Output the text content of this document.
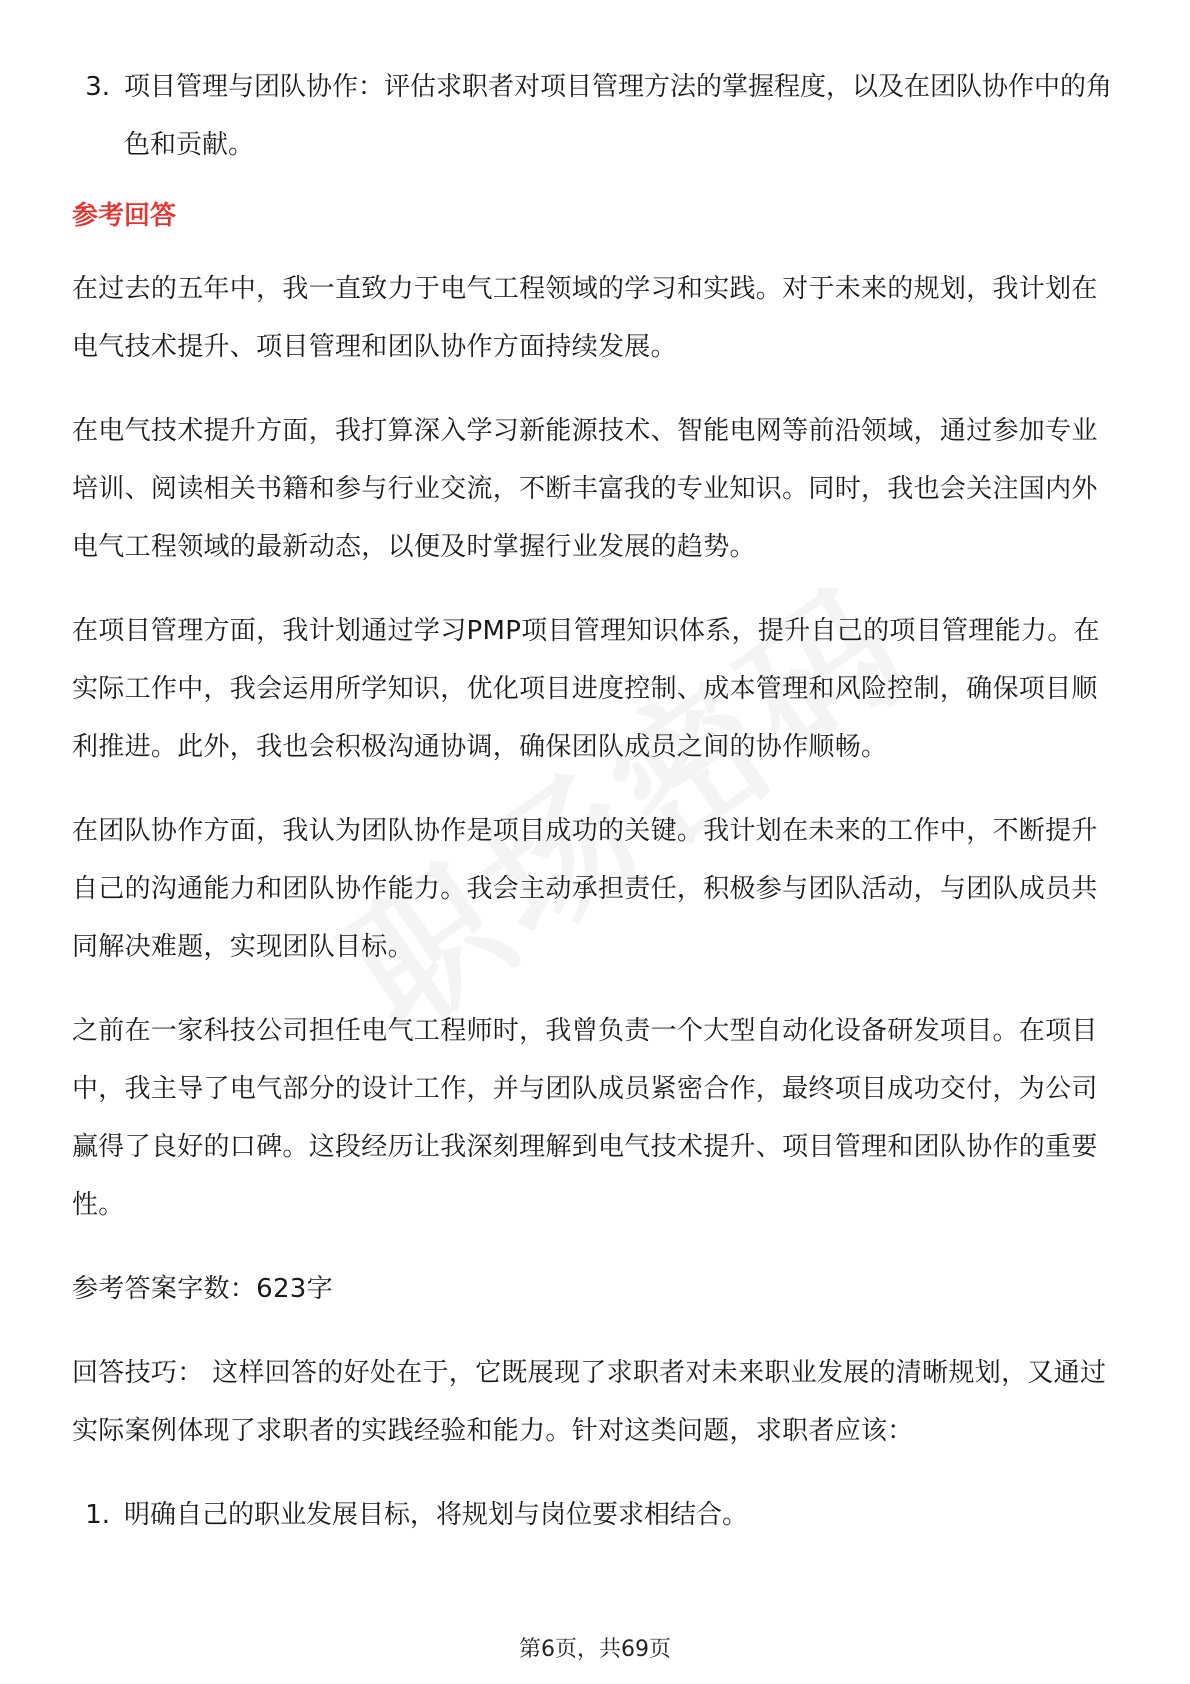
3. 项目管理与团队协作：评估求职者对项目管理方法的掌握程度，以及在团队协作中的角色和贡献。
参考回答
在过去的五年中，我一直致力于电气工程领域的学习和实践。对于未来的规划，我计划在电气技术提升、项目管理和团队协作方面持续发展。
在电气技术提升方面，我打算深入学习新能源技术、智能电网等前沿领域，通过参加专业培训、阅读相关书籍和参与行业交流，不断丰富我的专业知识。同时，我也会关注国内外电气工程领域的最新动态，以便及时掌握行业发展的趋势。
在项目管理方面，我计划通过学习PMP项目管理知识体系，提升自己的项目管理能力。在实际工作中，我会运用所学知识，优化项目进度控制、成本管理和风险控制，确保项目顺利推进。此外，我也会积极沟通协调，确保团队成员之间的协作顺畅。
在团队协作方面，我认为团队协作是项目成功的关键。我计划在未来的工作中，不断提升自己的沟通能力和团队协作能力。我会主动承担责任，积极参与团队活动，与团队成员共同解决难题，实现团队目标。
之前在一家科技公司担任电气工程师时，我曾负责一个大型自动化设备研发项目。在项目中，我主导了电气部分的设计工作，并与团队成员紧密合作，最终项目成功交付，为公司赢得了良好的口碑。这段经历让我深刻理解到电气技术提升、项目管理和团队协作的重要性。
参考答案字数：623字
回答技巧： 这样回答的好处在于，它既展现了求职者对未来职业发展的清晰规划，又通过实际案例体现了求职者的实践经验和能力。针对这类问题，求职者应该：
1. 明确自己的职业发展目标，将规划与岗位要求相结合。
第6页，共69页
